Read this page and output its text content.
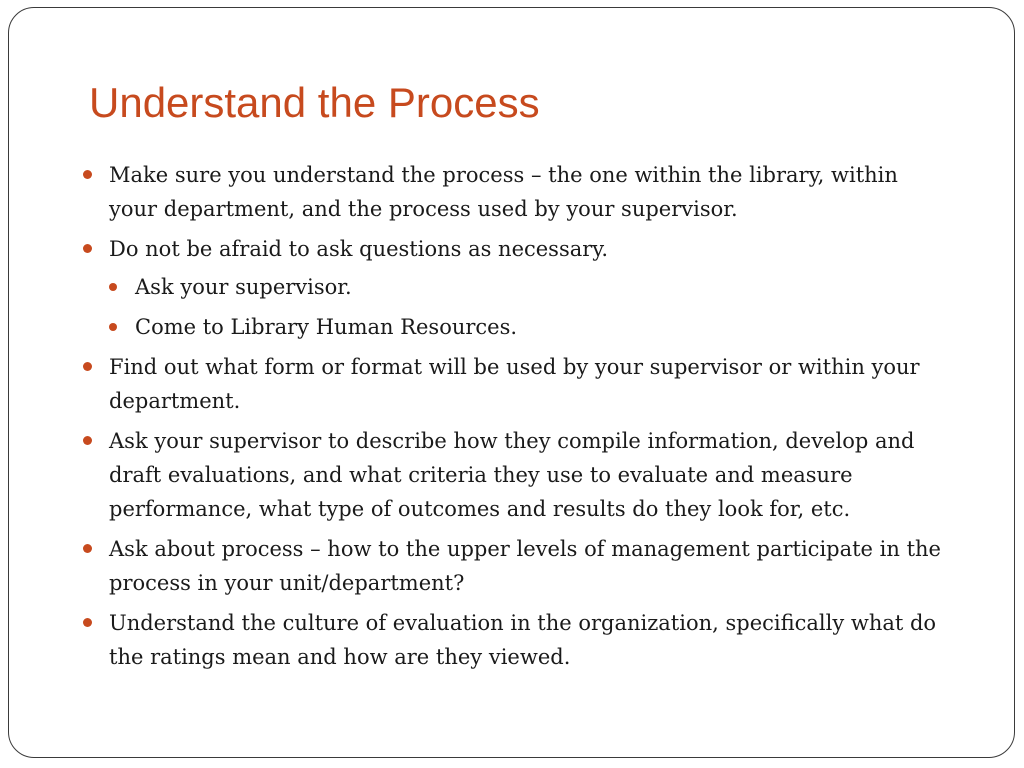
Understand the Process
Make sure you understand the process – the one within the library, within your department, and the process used by your supervisor.
Do not be afraid to ask questions as necessary.
Ask your supervisor.
Come to Library Human Resources.
Find out what form or format will be used by your supervisor or within your department.
Ask your supervisor to describe how they compile information, develop and draft evaluations, and what criteria they use to evaluate and measure performance, what type of outcomes and results do they look for, etc.
Ask about process – how to the upper levels of management participate in the process in your unit/department?
Understand the culture of evaluation in the organization, specifically what do the ratings mean and how are they viewed.
